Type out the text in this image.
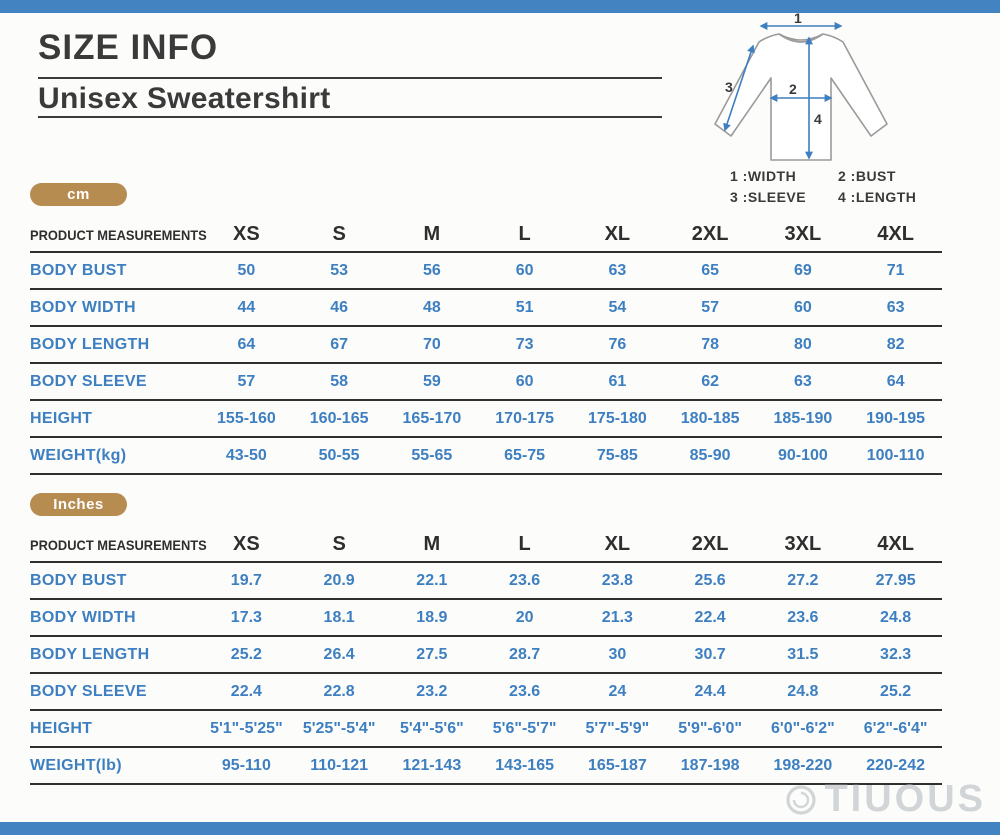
SIZE INFO
Unisex Sweatershirt
1
2
3
4
1 :WIDTH	2 :BUST
3 :SLEEVE	4 :LENGTH
cm
PRODUCT MEASUREMENTS	XS	S	M	L	XL	2XL	3XL	4XL
BODY BUST	50	53	56	60	63	65	69	71
BODY WIDTH	44	46	48	51	54	57	60	63
BODY LENGTH	64	67	70	73	76	78	80	82
BODY SLEEVE	57	58	59	60	61	62	63	64
HEIGHT	155-160	160-165	165-170	170-175	175-180	180-185	185-190	190-195
WEIGHT(kg)	43-50	50-55	55-65	65-75	75-85	85-90	90-100	100-110
Inches
PRODUCT MEASUREMENTS	XS	S	M	L	XL	2XL	3XL	4XL
BODY BUST	19.7	20.9	22.1	23.6	23.8	25.6	27.2	27.95
BODY WIDTH	17.3	18.1	18.9	20	21.3	22.4	23.6	24.8
BODY LENGTH	25.2	26.4	27.5	28.7	30	30.7	31.5	32.3
BODY SLEEVE	22.4	22.8	23.2	23.6	24	24.4	24.8	25.2
HEIGHT	5'1"-5'25"	5'25"-5'4"	5'4"-5'6"	5'6"-5'7"	5'7"-5'9"	5'9"-6'0"	6'0"-6'2"	6'2"-6'4"
WEIGHT(lb)	95-110	110-121	121-143	143-165	165-187	187-198	198-220	220-242
TIUOUS
